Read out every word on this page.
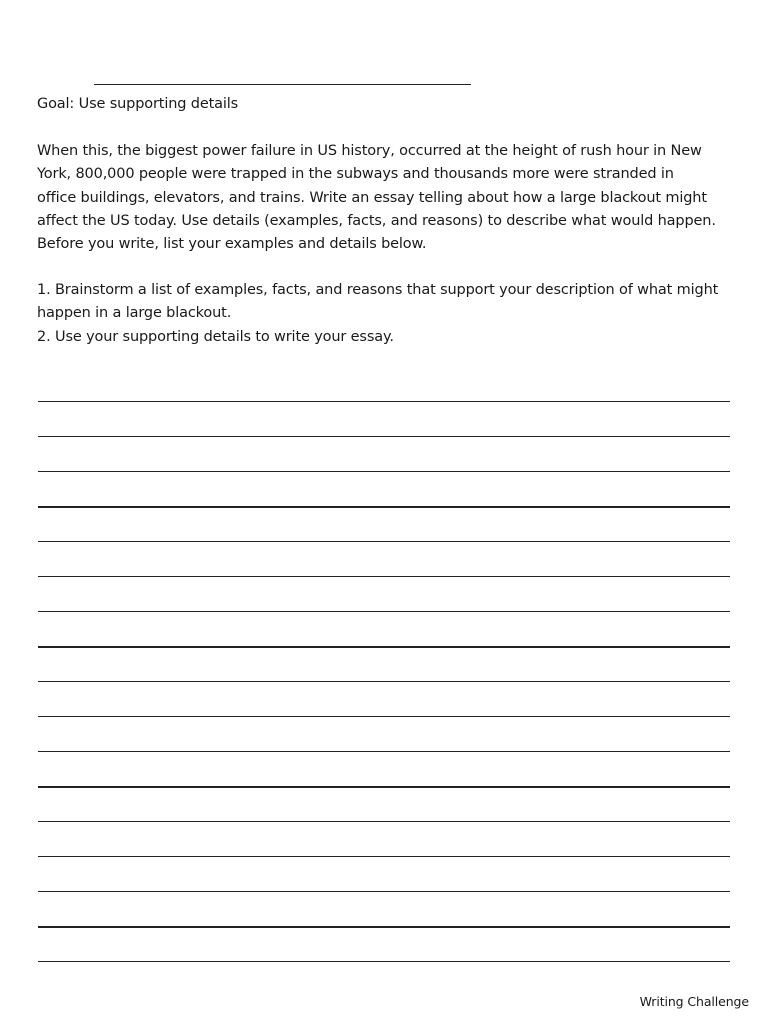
Goal: Use supporting details

When this, the biggest power failure in US history, occurred at the height of rush hour in New
York, 800,000 people were trapped in the subways and thousands more were stranded in
office buildings, elevators, and trains. Write an essay telling about how a large blackout might
affect the US today. Use details (examples, facts, and reasons) to describe what would happen.
Before you write, list your examples and details below.
1. Brainstorm a list of examples, facts, and reasons that support your description of what might
happen in a large blackout.

2. Use your supporting details to write your essay.

Writing Challenge
